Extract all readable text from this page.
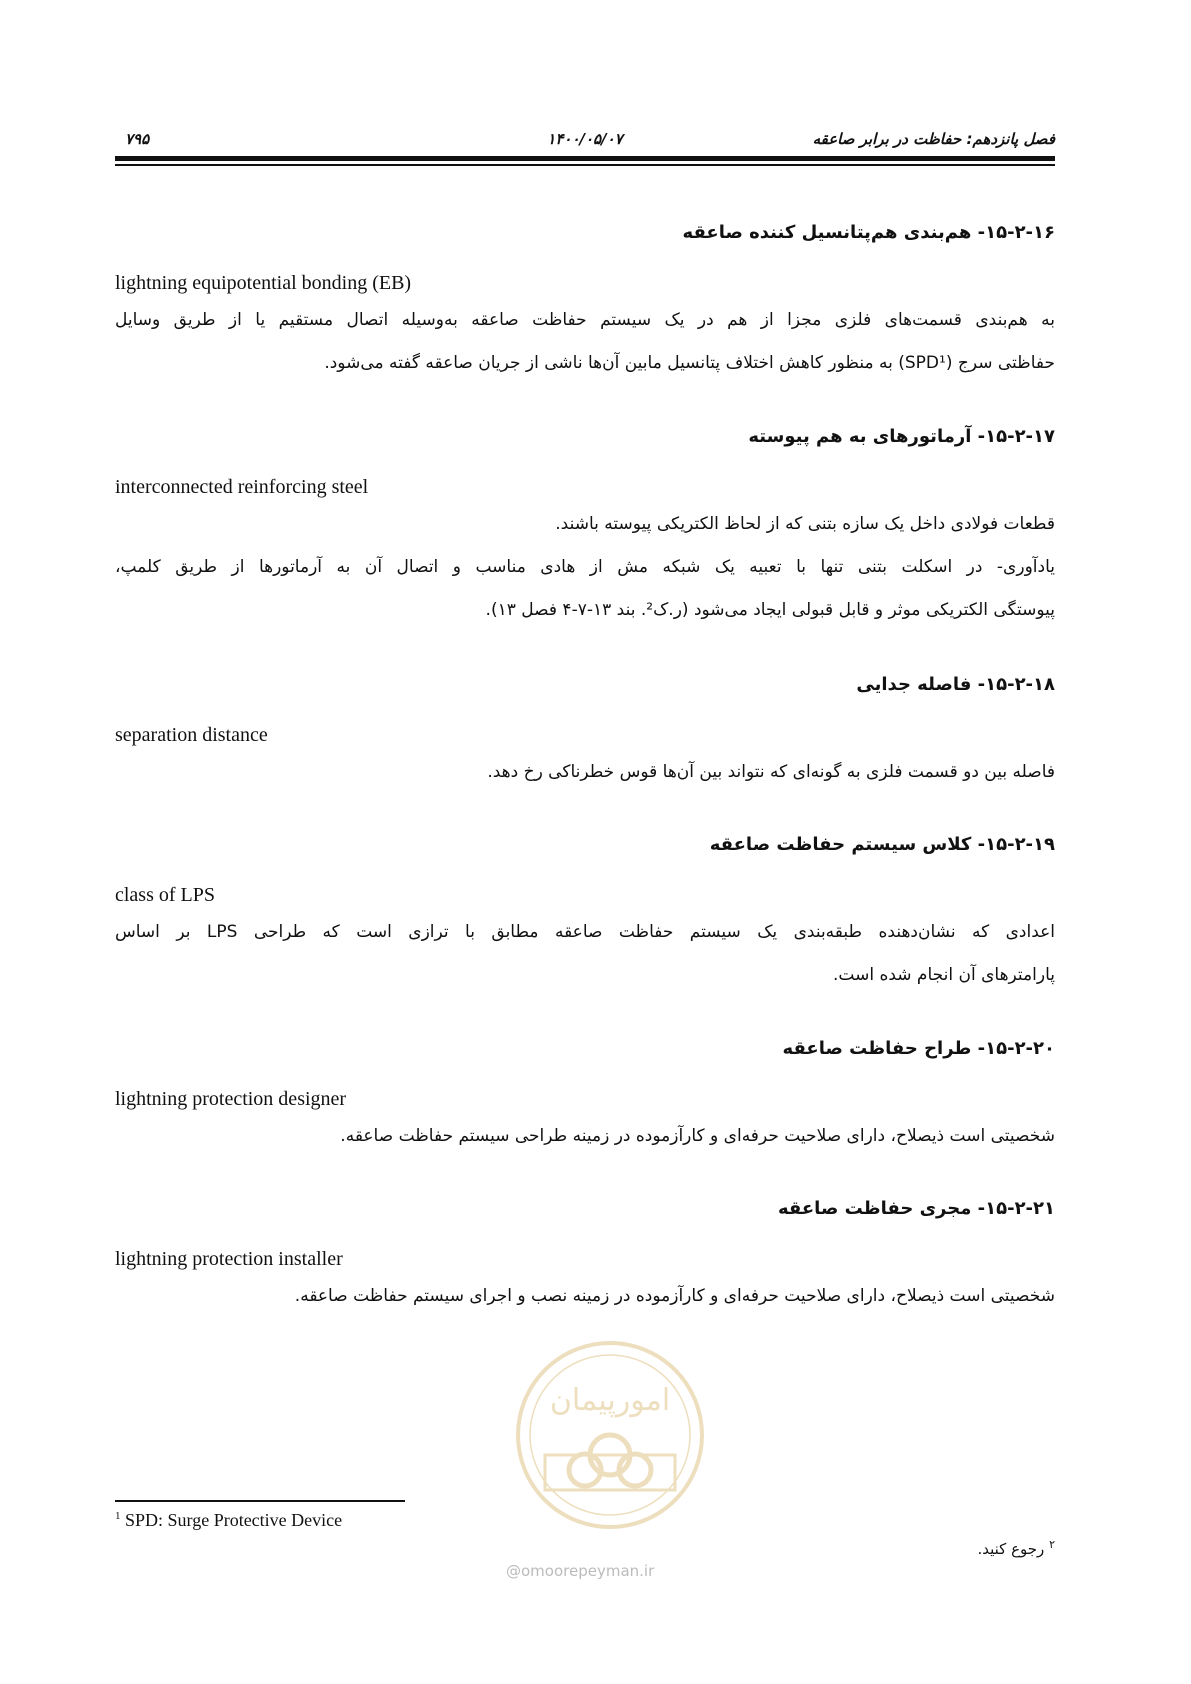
فصل پانزدهم: حفاظت در برابر صاعقه
۱۴۰۰/۰۵/۰۷
۷۹۵
۱۵-۲-۱۶- هم‌بندی هم‌پتانسیل کننده صاعقه
lightning equipotential bonding (EB)
به هم‌بندی قسمت‌های فلزی مجزا از هم در یک سیستم حفاظت صاعقه به‌وسیله اتصال مستقیم یا از طریق وسایل
حفاظتی سرج (SPD¹) به منظور کاهش اختلاف پتانسیل مابین آن‌ها ناشی از جریان صاعقه گفته می‌شود.
۱۵-۲-۱۷- آرماتورهای به هم پیوسته
interconnected reinforcing steel
قطعات فولادی داخل یک سازه بتنی که از لحاظ الکتریکی پیوسته باشند.
یادآوری- در اسکلت بتنی تنها با تعبیه یک شبکه مش از هادی مناسب و اتصال آن به آرماتورها از طریق کلمپ،
پیوستگی الکتریکی موثر و قابل قبولی ایجاد می‌شود (ر.ک². بند ۱۳-۷-۴ فصل ۱۳).
۱۵-۲-۱۸- فاصله جدایی
separation distance
فاصله بین دو قسمت فلزی به گونه‌ای که نتواند بین آن‌ها قوس خطرناکی رخ دهد.
۱۵-۲-۱۹- کلاس سیستم حفاظت صاعقه
class of LPS
اعدادی که نشان‌دهنده طبقه‌بندی یک سیستم حفاظت صاعقه مطابق با ترازی است که طراحی LPS بر اساس
پارامترهای آن انجام شده است.
۱۵-۲-۲۰- طراح حفاظت صاعقه
lightning protection designer
شخصیتی است ذیصلاح، دارای صلاحیت حرفه‌ای و کارآزموده در زمینه طراحی سیستم حفاظت صاعقه.
۱۵-۲-۲۱- مجری حفاظت صاعقه
lightning protection installer
شخصیتی است ذیصلاح، دارای صلاحیت حرفه‌ای و کارآزموده در زمینه نصب و اجرای سیستم حفاظت صاعقه.
امورپیمان
@omoorepeyman.ir
$^1$ SPD: Surge Protective Device
$^۲$ رجوع کنید.
